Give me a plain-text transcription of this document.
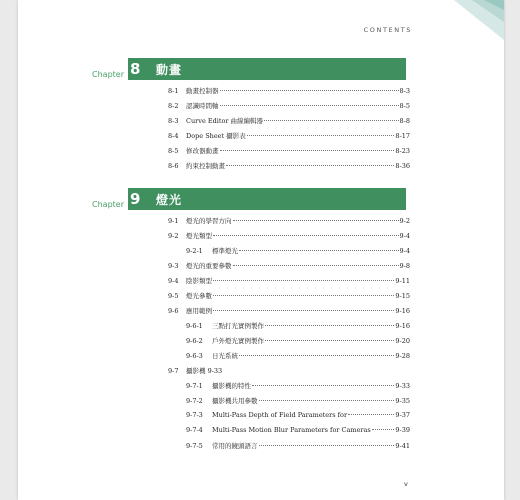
CONTENTS
Chapter 8 動畫
8-1	動畫控制器	8-3
8-2	認識時間軸	8-5
8-3	Curve Editor 曲線編輯器	8-8
8-4	Dope Sheet 攝影表	8-17
8-5	修改器動畫	8-23
8-6	約束控制動畫	8-36
Chapter 9 燈光
9-1	燈光的學習方向	9-2
9-2	燈光類型	9-4
9-2-1	標準燈光	9-4
9-3	燈光的重要參數	9-8
9-4	陰影類型	9-11
9-5	燈光參數	9-15
9-6	應用範例	9-16
9-6-1	三點打光實例製作	9-16
9-6-2	戶外燈光實例製作	9-20
9-6-3	日光系統	9-28
9-7	攝影機 9-33
9-7-1	攝影機的特性	9-33
9-7-2	攝影機共用參數	9-35
9-7-3	Multi-Pass Depth of Field Parameters for	9-37
9-7-4	Multi-Pass Motion Blur Parameters for Cameras	9-39
9-7-5	常用的鏡頭語言	9-41
v
